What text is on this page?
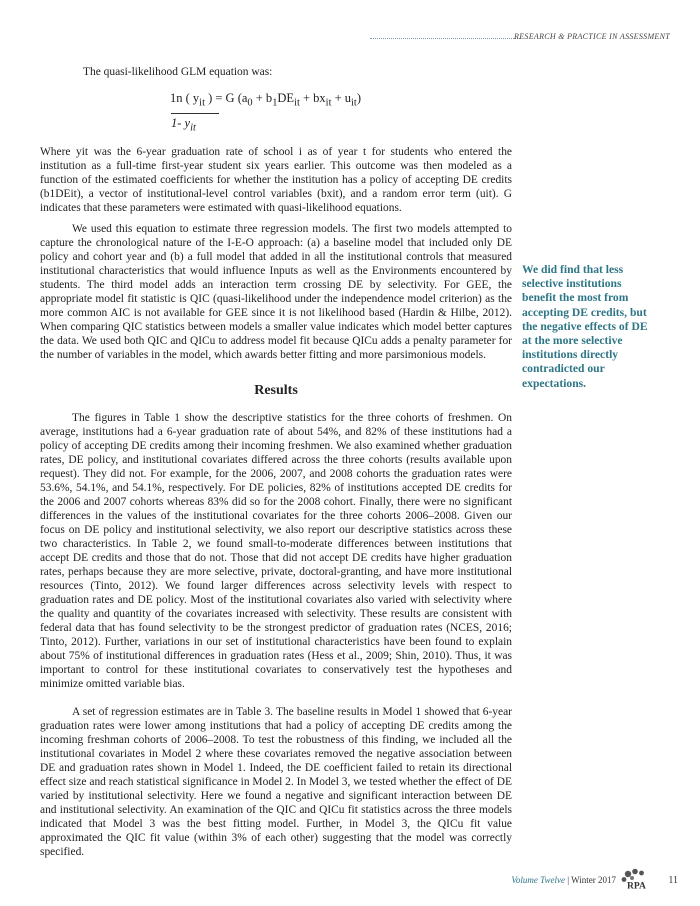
RESEARCH & PRACTICE IN ASSESSMENT

The quasi-likelihood GLM equation was:

1n ( $y_{it}$ ) = G $(a_0 + b_1DE_{it} + bx_{it} + u_{it})$
1- $y_{it}$

Where yit was the 6-year graduation rate of school i as of year t for students who entered the institution as a full-time first-year student six years earlier. This outcome was then modeled as a function of the estimated coefficients for whether the institution has a policy of accepting DE credits (b1DEit), a vector of institutional-level control variables (bxit), and a random error term (uit). G indicates that these parameters were estimated with quasi-likelihood equations.

We used this equation to estimate three regression models. The first two models attempted to capture the chronological nature of the I-E-O approach: (a) a baseline model that included only DE policy and cohort year and (b) a full model that added in all the institutional controls that measured institutional characteristics that would influence Inputs as well as the Environments encountered by students. The third model adds an interaction term crossing DE by selectivity. For GEE, the appropriate model fit statistic is QIC (quasi-likelihood under the independence model criterion) as the more common AIC is not available for GEE since it is not likelihood based (Hardin & Hilbe, 2012). When comparing QIC statistics between models a smaller value indicates which model better captures the data. We used both QIC and QICu to address model fit because QICu adds a penalty parameter for the number of variables in the model, which awards better fitting and more parsimonious models.

Results

The figures in Table 1 show the descriptive statistics for the three cohorts of freshmen. On average, institutions had a 6-year graduation rate of about 54%, and 82% of these institutions had a policy of accepting DE credits among their incoming freshmen. We also examined whether graduation rates, DE policy, and institutional covariates differed across the three cohorts (results available upon request). They did not. For example, for the 2006, 2007, and 2008 cohorts the graduation rates were 53.6%, 54.1%, and 54.1%, respectively. For DE policies, 82% of institutions accepted DE credits for the 2006 and 2007 cohorts whereas 83% did so for the 2008 cohort. Finally, there were no significant differences in the values of the institutional covariates for the three cohorts 2006–2008. Given our focus on DE policy and institutional selectivity, we also report our descriptive statistics across these two characteristics. In Table 2, we found small-to-moderate differences between institutions that accept DE credits and those that do not. Those that did not accept DE credits have higher graduation rates, perhaps because they are more selective, private, doctoral-granting, and have more institutional resources (Tinto, 2012). We found larger differences across selectivity levels with respect to graduation rates and DE policy. Most of the institutional covariates also varied with selectivity where the quality and quantity of the covariates increased with selectivity. These results are consistent with federal data that has found selectivity to be the strongest predictor of graduation rates (NCES, 2016; Tinto, 2012). Further, variations in our set of institutional characteristics have been found to explain about 75% of institutional differences in graduation rates (Hess et al., 2009; Shin, 2010). Thus, it was important to control for these institutional covariates to conservatively test the hypotheses and minimize omitted variable bias.

A set of regression estimates are in Table 3. The baseline results in Model 1 showed that 6-year graduation rates were lower among institutions that had a policy of accepting DE credits among the incoming freshman cohorts of 2006–2008. To test the robustness of this finding, we included all the institutional covariates in Model 2 where these covariates removed the negative association between DE and graduation rates shown in Model 1. Indeed, the DE coefficient failed to retain its directional effect size and reach statistical significance in Model 2. In Model 3, we tested whether the effect of DE varied by institutional selectivity. Here we found a negative and significant interaction between DE and institutional selectivity. An examination of the QIC and QICu fit statistics across the three models indicated that Model 3 was the best fitting model. Further, in Model 3, the QICu fit value approximated the QIC fit value (within 3% of each other) suggesting that the model was correctly specified.

We did find that less selective institutions benefit the most from accepting DE credits, but the negative effects of DE at the more selective institutions directly contradicted our expectations.
Volume Twelve | Winter 2017
RPA
11
